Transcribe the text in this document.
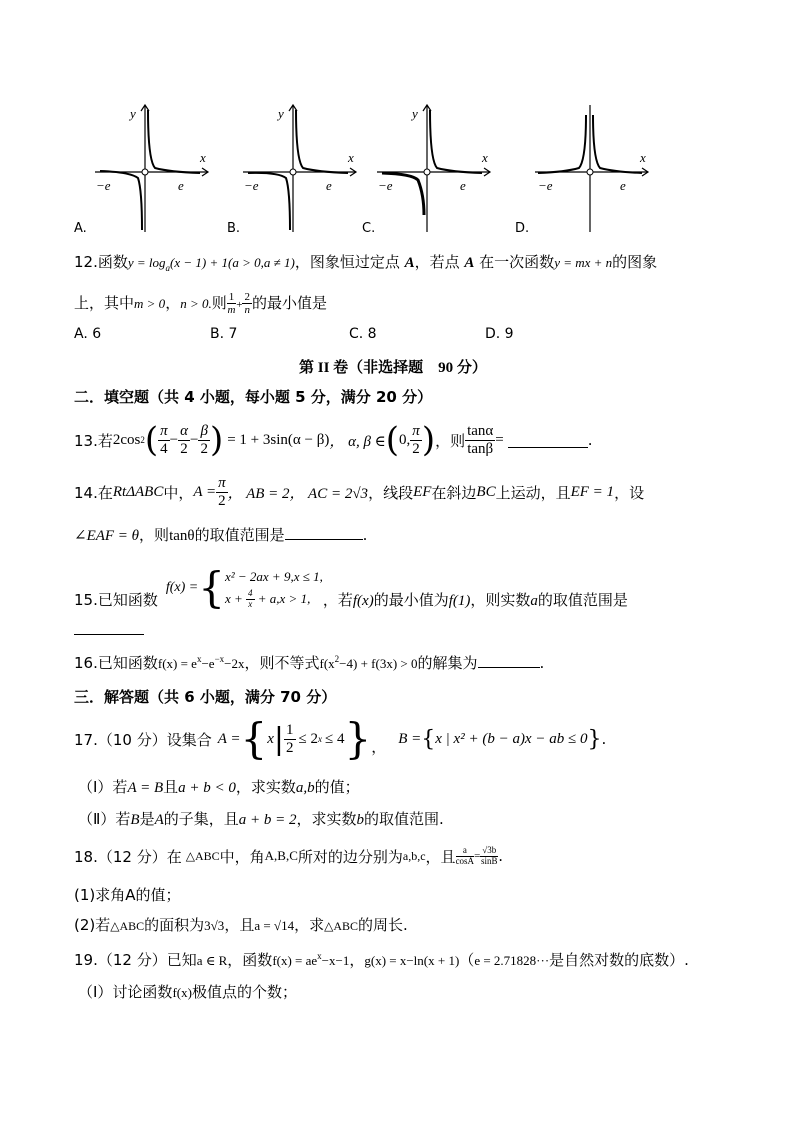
y
x
−e	e
y
x
−e	e
y
x
−e	e
x
−e	e
A.	B.	C.	D.
12.函数$y = \log_a(x - 1) + 1(a > 0,a \ne 1)$，图象恒过定点 A，若点 A 在一次函数y = mx + n的图象
上，其中m > 0，n > 0.则 $\frac{1}{m} + \frac{2}{n}$ 的最小值是
A. 6	B. 7	C. 8	D. 9
第 II 卷（非选择题　90 分）
二．填空题（共 4 小题，每小题 5 分，满分 20 分）
13.若 2cos 2 ( $\frac{\pi}{4} - \frac{\alpha}{2} - \frac{\beta}{2}$ ) = 1 + 3sin(α − β) ， α, β ∈ ( 0, $\frac{\pi}{2}$ ) ，则 $\frac{\tan\alpha}{\tan\beta}$ =	.
14.在 RtΔABC 中， $A = \frac{\pi}{2}$ ， AB = 2， AC = 2√3 ，线段 EF 在斜边 BC 上运动，且 EF = 1 ，设
∠EAF = θ，则tanθ的取值范围是	.
15.已知函数
f(x) = { x² − 2ax + 9,x ≤ 1,
$x + \frac{4}{x} + a,x > 1$, ，若f(x)的最小值为f(1)，则实数a的取值范围是
16.已知函数$f(x) = e^x-e^{-x}-2x$，则不等式$f(x^2-4) + f(3x) > 0$的解集为	.
三．解答题（共 6 小题，满分 70 分）
17.（10 分）设集合 A = { x | $\frac{1}{2} \le 2$ x ≤ 4 } ， B = { x | x² + (b − a)x − ab ≤ 0 } .
（Ⅰ）若A = B且a + b < 0，求实数a,b的值；
（Ⅱ）若B是A的子集，且a + b = 2，求实数b的取值范围.
18.（12 分）在 △ABC 中，角 A,B,C 所对的边分别为 a,b,c ，且 $\frac{a}{\cos A} = \frac{√3b}{\sin B}$ .
(1)求角A的值；
(2)若△ABC的面积为3√3，且a = √14，求△ABC的周长.
19.（12 分）已知a ∈ R，函数$f(x) = ae^x-x-1$，g(x) = x−ln(x + 1)（e = 2.71828···是自然对数的底数）.
（Ⅰ）讨论函数f(x)极值点的个数；
